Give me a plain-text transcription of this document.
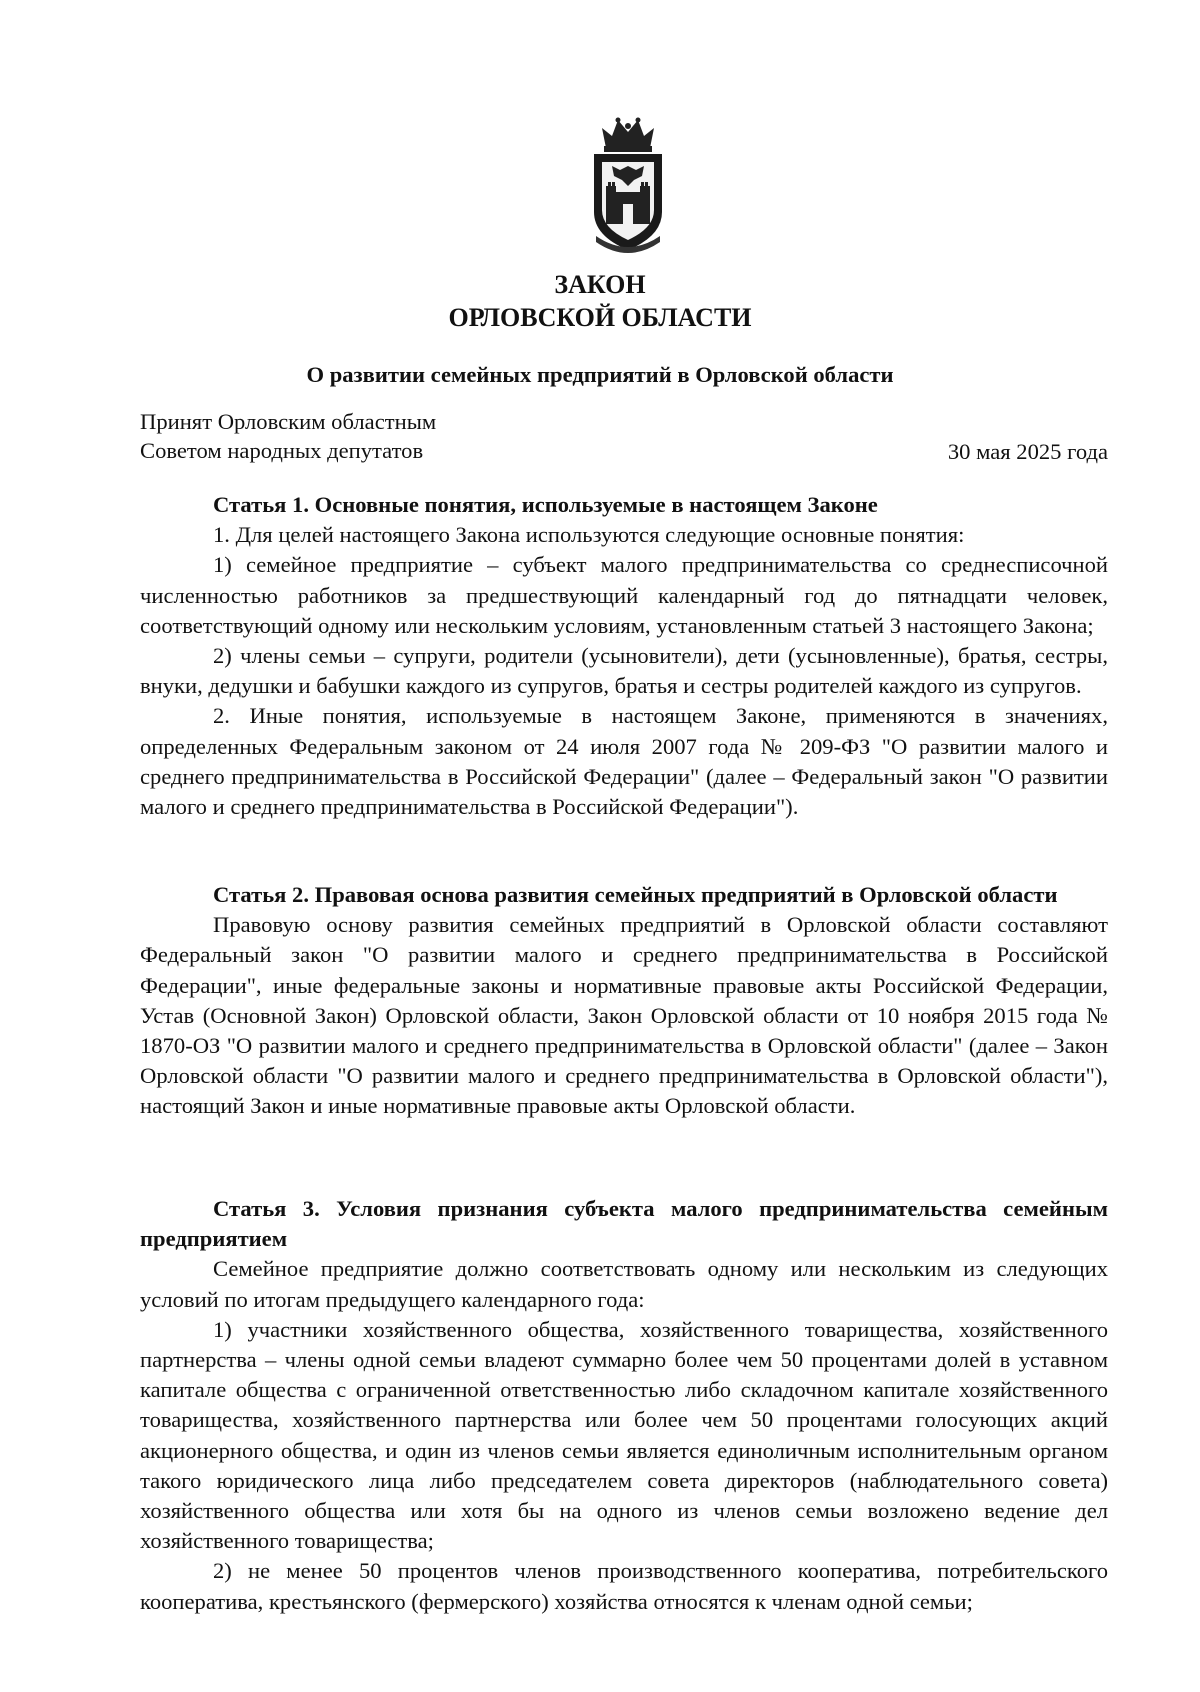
ЗАКОН
ОРЛОВСКОЙ ОБЛАСТИ
О развитии семейных предприятий в Орловской области
Принят Орловским областным
Советом народных депутатов	30 мая 2025 года

Статья 1. Основные понятия, используемые в настоящем Законе

1. Для целей настоящего Закона используются следующие основные понятия:

1) семейное предприятие – субъект малого предпринимательства со среднесписочной численностью работников за предшествующий календарный год до пятнадцати человек, соответствующий одному или нескольким условиям, установленным статьей 3 настоящего Закона;

2) члены семьи – супруги, родители (усыновители), дети (усыновленные), братья, сестры, внуки, дедушки и бабушки каждого из супругов, братья и сестры родителей каждого из супругов.

2. Иные понятия, используемые в настоящем Законе, применяются в значениях, определенных Федеральным законом от 24 июля 2007 года № 209-ФЗ "О развитии малого и среднего предпринимательства в Российской Федерации" (далее – Федеральный закон "О развитии малого и среднего предпринимательства в Российской Федерации").

Статья 2. Правовая основа развития семейных предприятий в Орловской области

Правовую основу развития семейных предприятий в Орловской области составляют Федеральный закон "О развитии малого и среднего предпринимательства в Российской Федерации", иные федеральные законы и нормативные правовые акты Российской Федерации, Устав (Основной Закон) Орловской области, Закон Орловской области от 10 ноября 2015 года № 1870-ОЗ "О развитии малого и среднего предпринимательства в Орловской области" (далее – Закон Орловской области "О развитии малого и среднего предпринимательства в Орловской области"), настоящий Закон и иные нормативные правовые акты Орловской области.

Статья 3. Условия признания субъекта малого предпринимательства семейным предприятием

Семейное предприятие должно соответствовать одному или нескольким из следующих условий по итогам предыдущего календарного года:

1) участники хозяйственного общества, хозяйственного товарищества, хозяйственного партнерства – члены одной семьи владеют суммарно более чем 50 процентами долей в уставном капитале общества с ограниченной ответственностью либо складочном капитале хозяйственного товарищества, хозяйственного партнерства или более чем 50 процентами голосующих акций акционерного общества, и один из членов семьи является единоличным исполнительным органом такого юридического лица либо председателем совета директоров (наблюдательного совета) хозяйственного общества или хотя бы на одного из членов семьи возложено ведение дел хозяйственного товарищества;

2) не менее 50 процентов членов производственного кооператива, потребительского кооператива, крестьянского (фермерского) хозяйства относятся к членам одной семьи;
